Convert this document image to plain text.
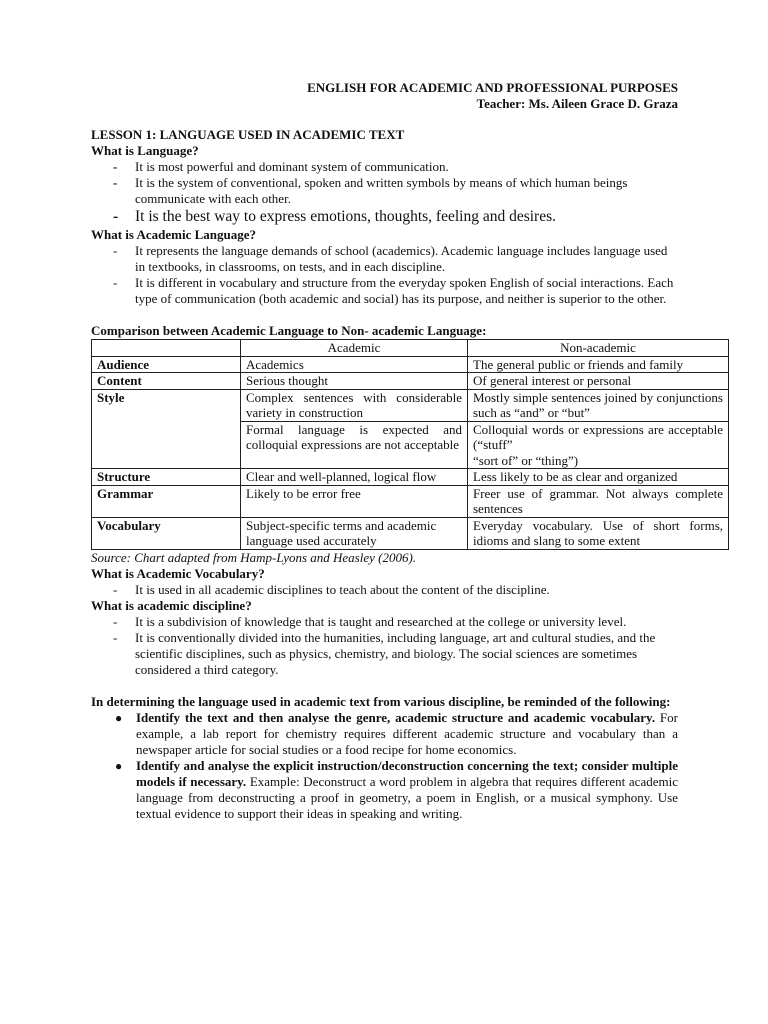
ENGLISH FOR ACADEMIC AND PROFESSIONAL PURPOSES
Teacher: Ms. Aileen Grace D. Graza

LESSON 1: LANGUAGE USED IN ACADEMIC TEXT

What is Language?

- It is most powerful and dominant system of communication.
- It is the system of conventional, spoken and written symbols by means of which human beings communicate with each other.
- It is the best way to express emotions, thoughts, feeling and desires.

What is Academic Language?

- It represents the language demands of school (academics). Academic language includes language used in textbooks, in classrooms, on tests, and in each discipline.
- It is different in vocabulary and structure from the everyday spoken English of social interactions. Each type of communication (both academic and social) has its purpose, and neither is superior to the other.
Comparison between Academic Language to Non- academic Language:
	Academic	Non-academic
Audience	Academics	The general public or friends and family
Content	Serious thought	Of general interest or personal
Style	Complex sentences with considerable variety in construction	Mostly simple sentences joined by conjunctions such as “and” or “but”
	Formal language is expected and colloquial expressions are not acceptable	Colloquial words or expressions are acceptable (“stuff”
“sort of” or “thing”)
Structure	Clear and well-planned, logical flow	Less likely to be as clear and organized
Grammar	Likely to be error free	Freer use of grammar. Not always complete sentences
Vocabulary	Subject-specific terms and academic language used accurately	Everyday vocabulary. Use of short forms, idioms and slang to some extent

Source: Chart adapted from Hamp-Lyons and Heasley (2006).

What is Academic Vocabulary?

- It is used in all academic disciplines to teach about the content of the discipline.

What is academic discipline?

- It is a subdivision of knowledge that is taught and researched at the college or university level.
- It is conventionally divided into the humanities, including language, art and cultural studies, and the scientific disciplines, such as physics, chemistry, and biology. The social sciences are sometimes considered a third category.
In determining the language used in academic text from various discipline, be reminded of the following:
● Identify the text and then analyse the genre, academic structure and academic vocabulary. For example, a lab report for chemistry requires different academic structure and vocabulary than a newspaper article for social studies or a food recipe for home economics.
● Identify and analyse the explicit instruction/deconstruction concerning the text; consider multiple models if necessary. Example: Deconstruct a word problem in algebra that requires different academic language from deconstructing a proof in geometry, a poem in English, or a musical symphony. Use textual evidence to support their ideas in speaking and writing.
